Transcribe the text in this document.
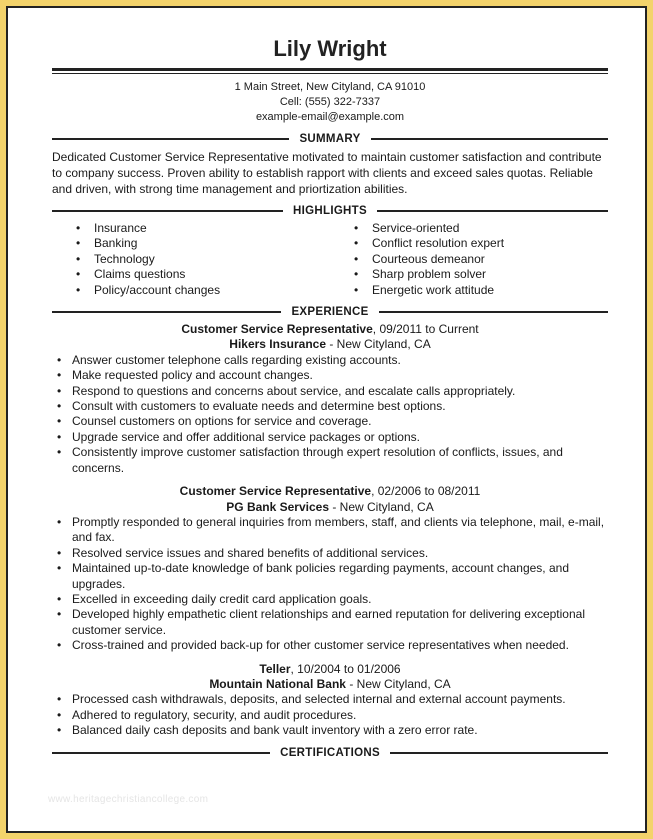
Lily Wright
1 Main Street, New Cityland, CA 91010
Cell: (555) 322-7337
example-email@example.com
SUMMARY
Dedicated Customer Service Representative motivated to maintain customer satisfaction and contribute to company success. Proven ability to establish rapport with clients and exceed sales quotas. Reliable and driven, with strong time management and priortization abilities.
HIGHLIGHTS
• Insurance
• Banking
• Technology
• Claims questions
• Policy/account changes
• Service-oriented
• Conflict resolution expert
• Courteous demeanor
• Sharp problem solver
• Energetic work attitude
EXPERIENCE
Customer Service Representative, 09/2011 to Current
Hikers Insurance - New Cityland, CA
• Answer customer telephone calls regarding existing accounts.
• Make requested policy and account changes.
• Respond to questions and concerns about service, and escalate calls appropriately.
• Consult with customers to evaluate needs and determine best options.
• Counsel customers on options for service and coverage.
• Upgrade service and offer additional service packages or options.
• Consistently improve customer satisfaction through expert resolution of conflicts, issues, and concerns.
Customer Service Representative, 02/2006 to 08/2011
PG Bank Services - New Cityland, CA
• Promptly responded to general inquiries from members, staff, and clients via telephone, mail, e-mail, and fax.
• Resolved service issues and shared benefits of additional services.
• Maintained up-to-date knowledge of bank policies regarding payments, account changes, and upgrades.
• Excelled in exceeding daily credit card application goals.
• Developed highly empathetic client relationships and earned reputation for delivering exceptional customer service.
• Cross-trained and provided back-up for other customer service representatives when needed.
Teller, 10/2004 to 01/2006
Mountain National Bank - New Cityland, CA
• Processed cash withdrawals, deposits, and selected internal and external account payments.
• Adhered to regulatory, security, and audit procedures.
• Balanced daily cash deposits and bank vault inventory with a zero error rate.
CERTIFICATIONS
www.heritagechristiancollege.com
